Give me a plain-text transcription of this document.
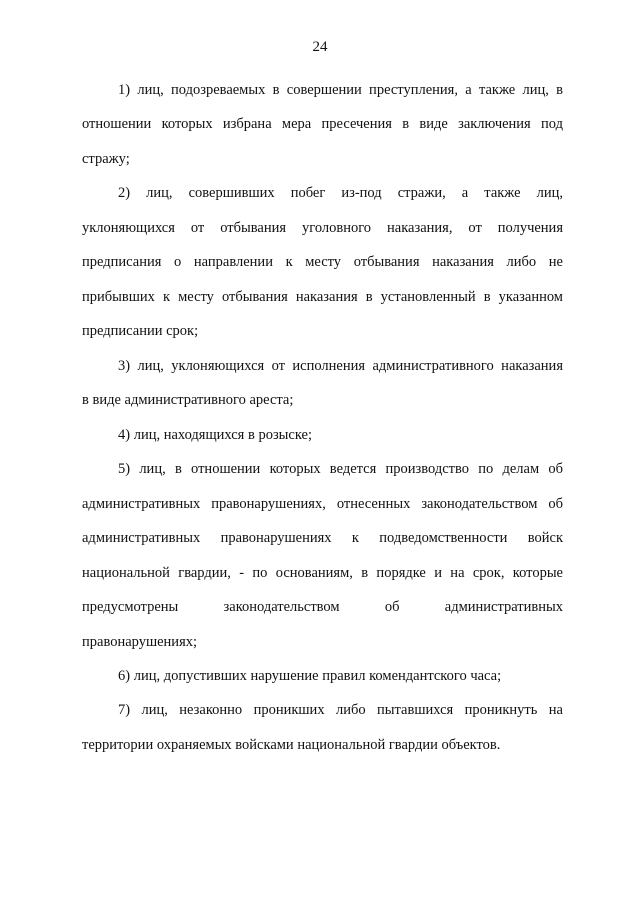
24
1) лиц, подозреваемых в совершении преступления, а также лиц, в
отношении которых избрана мера пресечения в виде заключения под
стражу;
2) лиц, совершивших побег из-под стражи, а также лиц,
уклоняющихся от отбывания уголовного наказания, от получения
предписания о направлении к месту отбывания наказания либо не
прибывших к месту отбывания наказания в установленный в указанном
предписании срок;
3) лиц, уклоняющихся от исполнения административного наказания
в виде административного ареста;
4) лиц, находящихся в розыске;
5) лиц, в отношении которых ведется производство по делам об
административных правонарушениях, отнесенных законодательством об
административных правонарушениях к подведомственности войск
национальной гвардии, - по основаниям, в порядке и на срок, которые
предусмотрены законодательством об административных
правонарушениях;
6) лиц, допустивших нарушение правил комендантского часа;
7) лиц, незаконно проникших либо пытавшихся проникнуть на
территории охраняемых войсками национальной гвардии объектов.
